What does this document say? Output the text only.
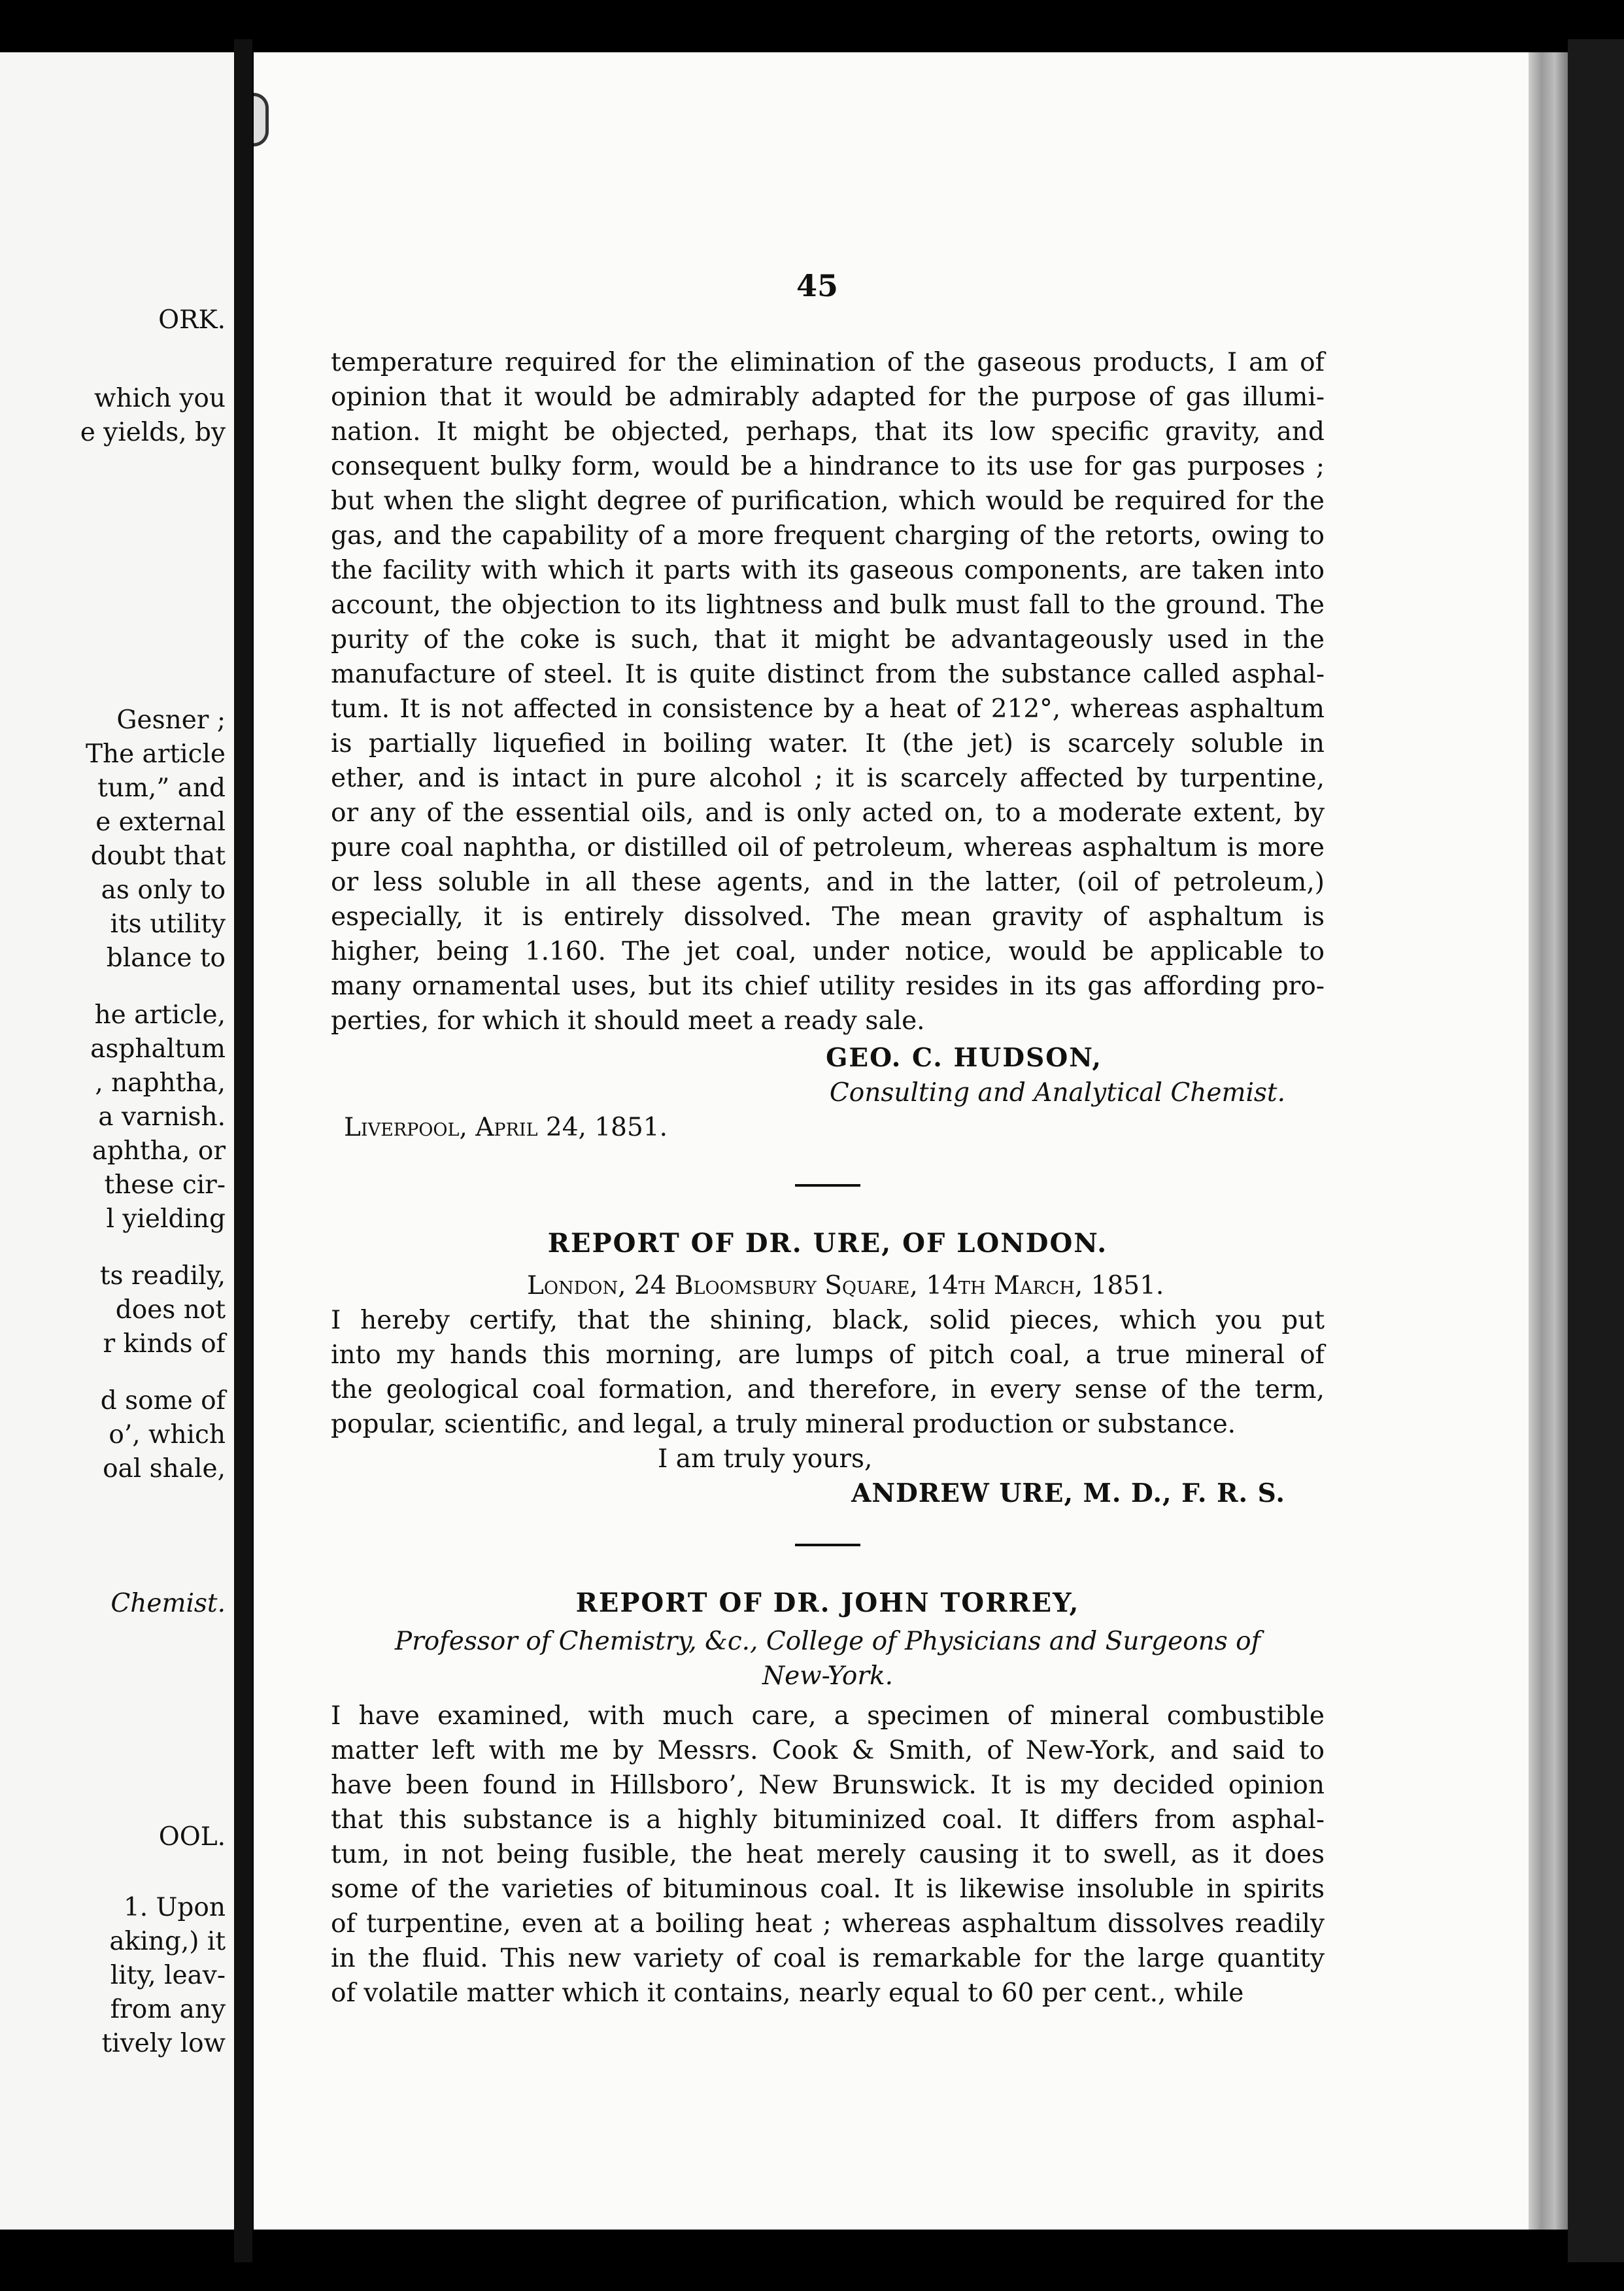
ORK.
which you
e yields, by
Gesner ;
The article
tum,” and
e external
doubt that
as only to
its utility
blance to
he article,
asphaltum
, naphtha,
a varnish.
aphtha, or
these cir-
l yielding
ts readily,
does not
r kinds of
d some of
o’, which
oal shale,
Chemist.
OOL.
1. Upon
aking,) it
lity, leav-
from any
tively low
45

temperature required for the elimination of the gaseous products, I am of

opinion that it would be admirably adapted for the purpose of gas illumi-

nation. It might be objected, perhaps, that its low specific gravity, and

consequent bulky form, would be a hindrance to its use for gas purposes ;

but when the slight degree of purification, which would be required for the

gas, and the capability of a more frequent charging of the retorts, owing to

the facility with which it parts with its gaseous components, are taken into

account, the objection to its lightness and bulk must fall to the ground. The

purity of the coke is such, that it might be advantageously used in the

manufacture of steel. It is quite distinct from the substance called asphal-

tum. It is not affected in consistence by a heat of 212°, whereas asphaltum

is partially liquefied in boiling water. It (the jet) is scarcely soluble in

ether, and is intact in pure alcohol ; it is scarcely affected by turpentine,

or any of the essential oils, and is only acted on, to a moderate extent, by

pure coal naphtha, or distilled oil of petroleum, whereas asphaltum is more

or less soluble in all these agents, and in the latter, (oil of petroleum,)

especially, it is entirely dissolved. The mean gravity of asphaltum is

higher, being 1.160. The jet coal, under notice, would be applicable to

many ornamental uses, but its chief utility resides in its gas affording pro-

perties, for which it should meet a ready sale.

GEO. C. HUDSON,
Consulting and Analytical Chemist.
Liverpool, April 24, 1851.
REPORT OF DR. URE, OF LONDON.
London, 24 Bloomsbury Square, 14th March, 1851.

I hereby certify, that the shining, black, solid pieces, which you put

into my hands this morning, are lumps of pitch coal, a true mineral of

the geological coal formation, and therefore, in every sense of the term,

popular, scientific, and legal, a truly mineral production or substance.

I am truly yours,
ANDREW URE, M. D., F. R. S.
REPORT OF DR. JOHN TORREY,
Professor of Chemistry, &c., College of Physicians and Surgeons of
New-York.

I have examined, with much care, a specimen of mineral combustible

matter left with me by Messrs. Cook & Smith, of New-York, and said to

have been found in Hillsboro’, New Brunswick. It is my decided opinion

that this substance is a highly bituminized coal. It differs from asphal-

tum, in not being fusible, the heat merely causing it to swell, as it does

some of the varieties of bituminous coal. It is likewise insoluble in spirits

of turpentine, even at a boiling heat ; whereas asphaltum dissolves readily

in the fluid. This new variety of coal is remarkable for the large quantity

of volatile matter which it contains, nearly equal to 60 per cent., while
